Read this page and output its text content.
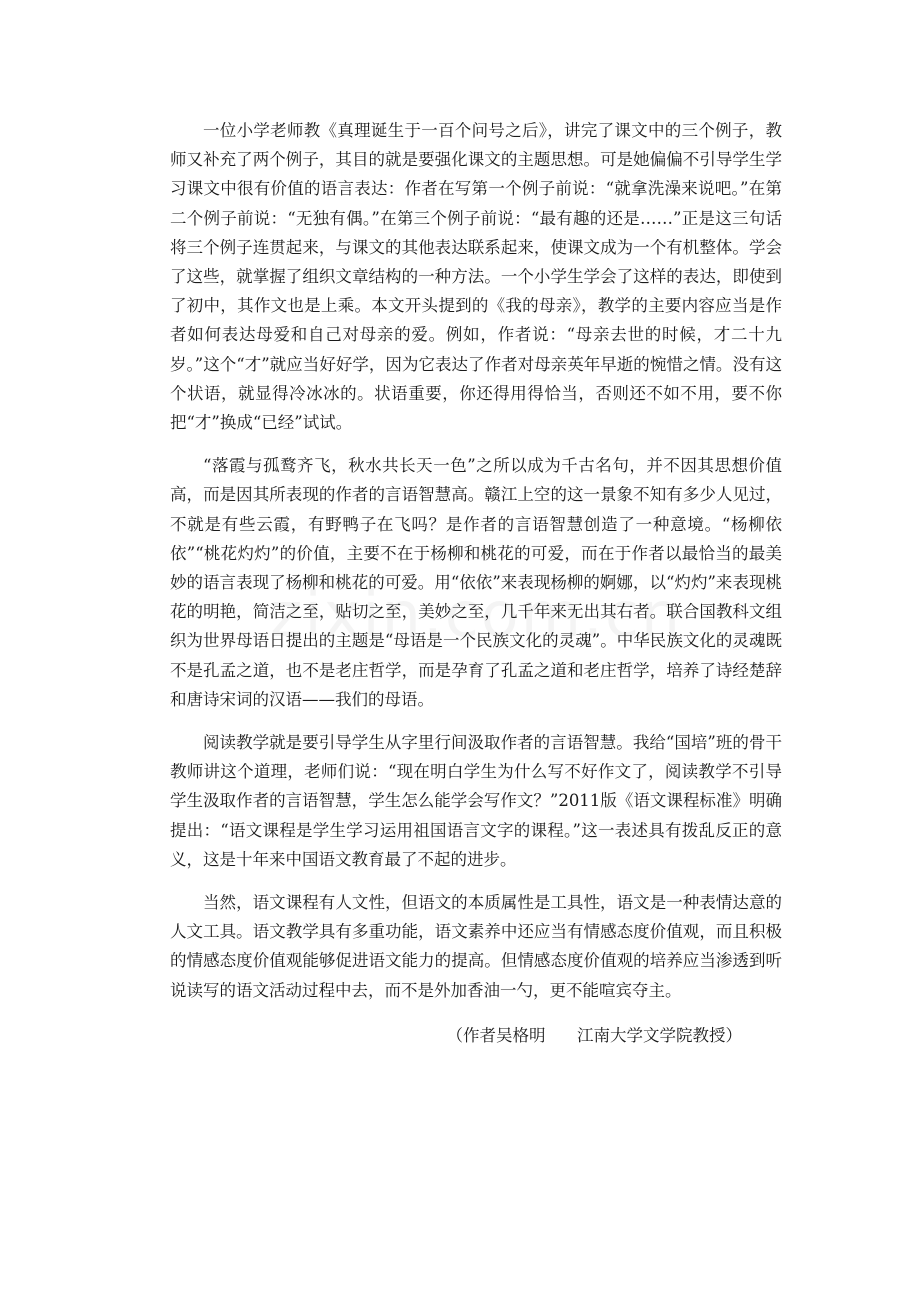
一位小学老师教《真理诞生于一百个问号之后》，讲完了课文中的三个例子，教师又补充了两个例子，其目的就是要强化课文的主题思想。可是她偏偏不引导学生学习课文中很有价值的语言表达：作者在写第一个例子前说：“就拿洗澡来说吧。”在第二个例子前说：“无独有偶。”在第三个例子前说：“最有趣的还是……”正是这三句话将三个例子连贯起来，与课文的其他表达联系起来，使课文成为一个有机整体。学会了这些，就掌握了组织文章结构的一种方法。一个小学生学会了这样的表达，即使到了初中，其作文也是上乘。本文开头提到的《我的母亲》，教学的主要内容应当是作者如何表达母爱和自己对母亲的爱。例如，作者说：“母亲去世的时候，才二十九岁。”这个“才”就应当好好学，因为它表达了作者对母亲英年早逝的惋惜之情。没有这个状语，就显得冷冰冰的。状语重要，你还得用得恰当，否则还不如不用，要不你把“才”换成“已经”试试。

“落霞与孤鹜齐飞，秋水共长天一色”之所以成为千古名句，并不因其思想价值高，而是因其所表现的作者的言语智慧高。赣江上空的这一景象不知有多少人见过，不就是有些云霞，有野鸭子在飞吗？是作者的言语智慧创造了一种意境。“杨柳依依”“桃花灼灼”的价值，主要不在于杨柳和桃花的可爱，而在于作者以最恰当的最美妙的语言表现了杨柳和桃花的可爱。用“依依”来表现杨柳的婀娜，以“灼灼”来表现桃花的明艳，简洁之至，贴切之至，美妙之至，几千年来无出其右者。联合国教科文组织为世界母语日提出的主题是“母语是一个民族文化的灵魂”。中华民族文化的灵魂既不是孔孟之道，也不是老庄哲学，而是孕育了孔孟之道和老庄哲学，培养了诗经楚辞和唐诗宋词的汉语——我们的母语。

阅读教学就是要引导学生从字里行间汲取作者的言语智慧。我给“国培”班的骨干教师讲这个道理，老师们说：“现在明白学生为什么写不好作文了，阅读教学不引导学生汲取作者的言语智慧，学生怎么能学会写作文？”2011版《语文课程标准》明确提出：“语文课程是学生学习运用祖国语言文字的课程。”这一表述具有拨乱反正的意义，这是十年来中国语文教育最了不起的进步。

当然，语文课程有人文性，但语文的本质属性是工具性，语文是一种表情达意的人文工具。语文教学具有多重功能，语文素养中还应当有情感态度价值观，而且积极的情感态度价值观能够促进语文能力的提高。但情感态度价值观的培养应当渗透到听说读写的语文活动过程中去，而不是外加香油一勺，更不能喧宾夺主。

（作者吴格明      江南大学文学院教授）
